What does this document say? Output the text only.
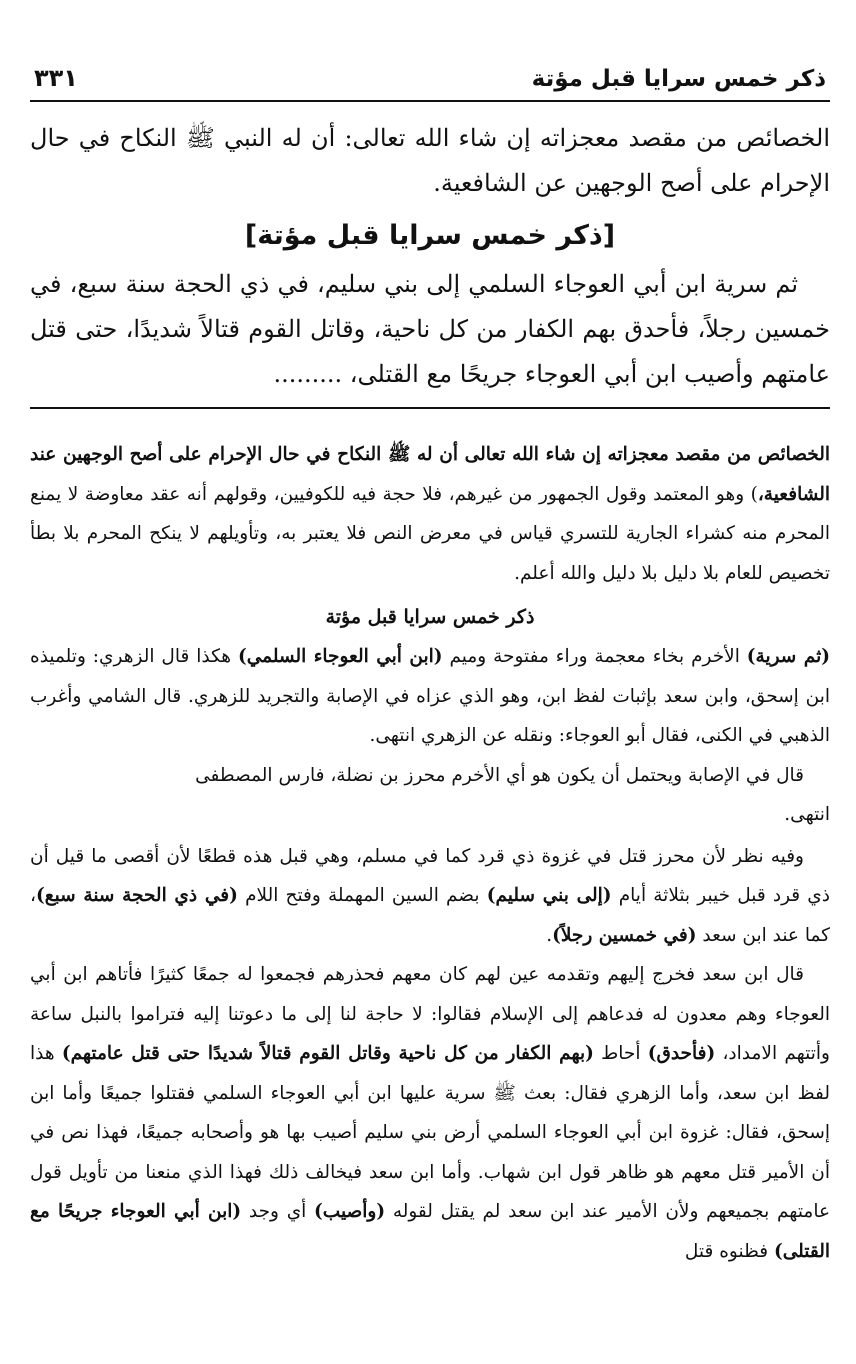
ذكر خمس سرايا قبل مؤتة
٣٣١

الخصائص من مقصد معجزاته إن شاء الله تعالى: أن له النبي ﷺ النكاح في حال الإحرام على أصح الوجهين عن الشافعية.

[ذكر خمس سرايا قبل مؤتة]

ثم سرية ابن أبي العوجاء السلمي إلى بني سليم، في ذي الحجة سنة سبع، في خمسين رجلاً، فأحدق بهم الكفار من كل ناحية، وقاتل القوم قتالاً شديدًا، حتى قتل عامتهم وأصيب ابن أبي العوجاء جريحًا مع القتلى، .........

الخصائص من مقصد معجزاته إن شاء الله تعالى أن له ﷺ النكاح في حال الإحرام على أصح الوجهين عند الشافعية،) وهو المعتمد وقول الجمهور من غيرهم، فلا حجة فيه للكوفيين، وقولهم أنه عقد معاوضة لا يمنع المحرم منه كشراء الجارية للتسري قياس في معرض النص فلا يعتبر به، وتأويلهم لا ينكح المحرم بلا بطأ تخصيص للعام بلا دليل بلا دليل والله أعلم.

ذكر خمس سرايا قبل مؤتة

(ثم سرية) الأخرم بخاء معجمة وراء مفتوحة وميم (ابن أبي العوجاء السلمي) هكذا قال الزهري: وتلميذه ابن إسحق، وابن سعد بإثبات لفظ ابن، وهو الذي عزاه في الإصابة والتجريد للزهري. قال الشامي وأغرب الذهبي في الكنى، فقال أبو العوجاء: ونقله عن الزهري انتهى.

قال في الإصابة ويحتمل أن يكون هو أي الأخرم محرز بن نضلة، فارس المصطفى

انتهى.

وفيه نظر لأن محرز قتل في غزوة ذي قرد كما في مسلم، وهي قبل هذه قطعًا لأن أقصى ما قيل أن ذي قرد قبل خيبر بثلاثة أيام (إلى بني سليم) بضم السين المهملة وفتح اللام (في ذي الحجة سنة سبع)، كما عند ابن سعد (في خمسين رجلاً).

قال ابن سعد فخرج إليهم وتقدمه عين لهم كان معهم فحذرهم فجمعوا له جمعًا كثيرًا فأتاهم ابن أبي العوجاء وهم معدون له فدعاهم إلى الإسلام فقالوا: لا حاجة لنا إلى ما دعوتنا إليه فتراموا بالنبل ساعة وأتتهم الامداد، (فأحدق) أحاط (بهم الكفار من كل ناحية وقاتل القوم قتالاً شديدًا حتى قتل عامتهم) هذا لفظ ابن سعد، وأما الزهري فقال: بعث ﷺ سرية عليها ابن أبي العوجاء السلمي فقتلوا جميعًا وأما ابن إسحق، فقال: غزوة ابن أبي العوجاء السلمي أرض بني سليم أصيب بها هو وأصحابه جميعًا، فهذا نص في أن الأمير قتل معهم هو ظاهر قول ابن شهاب. وأما ابن سعد فيخالف ذلك فهذا الذي منعنا من تأويل قول عامتهم بجميعهم ولأن الأمير عند ابن سعد لم يقتل لقوله (وأصيب) أي وجد (ابن أبي العوجاء جريحًا مع القتلى) فظنوه قتل
